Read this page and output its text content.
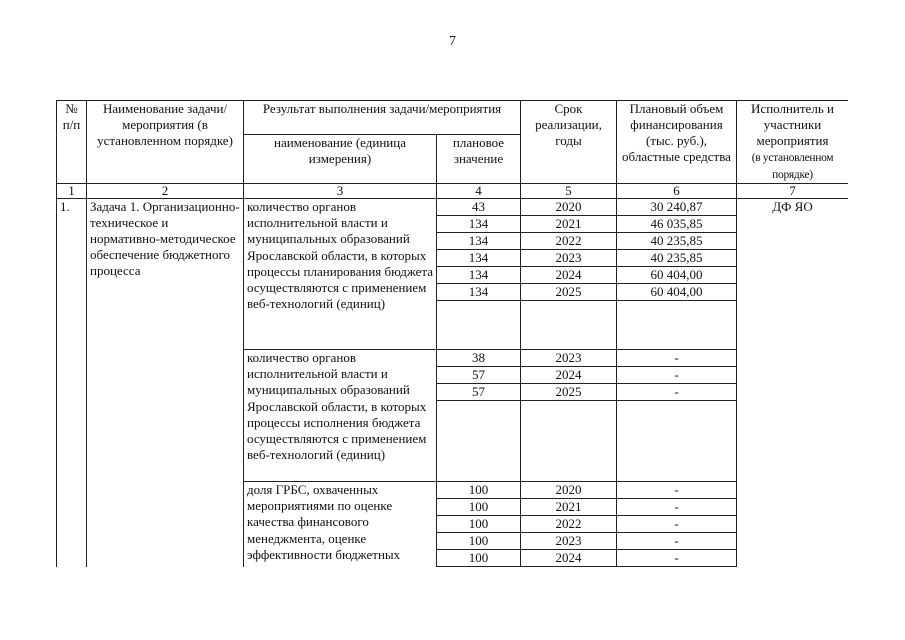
7
№ п/п	Наименование задачи/ мероприятия (в установленном порядке)	Результат выполнения задачи/мероприятия		Срок реализации, годы	Плановый объем финансирования (тыс. руб.), областные средства	Исполнитель и участники мероприятия
(в установленном порядке)
		наименование (единица измерения)	плановое значение			
1	2	3	4	5	6	7
1.	Задача 1. Организационно-техническое и нормативно-методическое обеспечение бюджетного процесса	количество органов исполнительной власти и муниципальных образований Ярославской области, в которых процессы планирования бюджета осуществляются с применением веб-технологий (единиц)	43	2020	30 240,87	ДФ ЯО
			134	2021	46 035,85	
			134	2022	40 235,85	
			134	2023	40 235,85	
			134	2024	60 404,00	
			134	2025	60 404,00	

		количество органов исполнительной власти и муниципальных образований Ярославской области, в которых процессы исполнения бюджета осуществляются с применением веб-технологий (единиц)	38	2023	-	
			57	2024	-	
			57	2025	-	

		доля ГРБС, охваченных мероприятиями по оценке качества финансового менеджмента, оценке эффективности бюджетных	100	2020	-	
			100	2021	-	
			100	2022	-	
			100	2023	-	
			100	2024	-	
